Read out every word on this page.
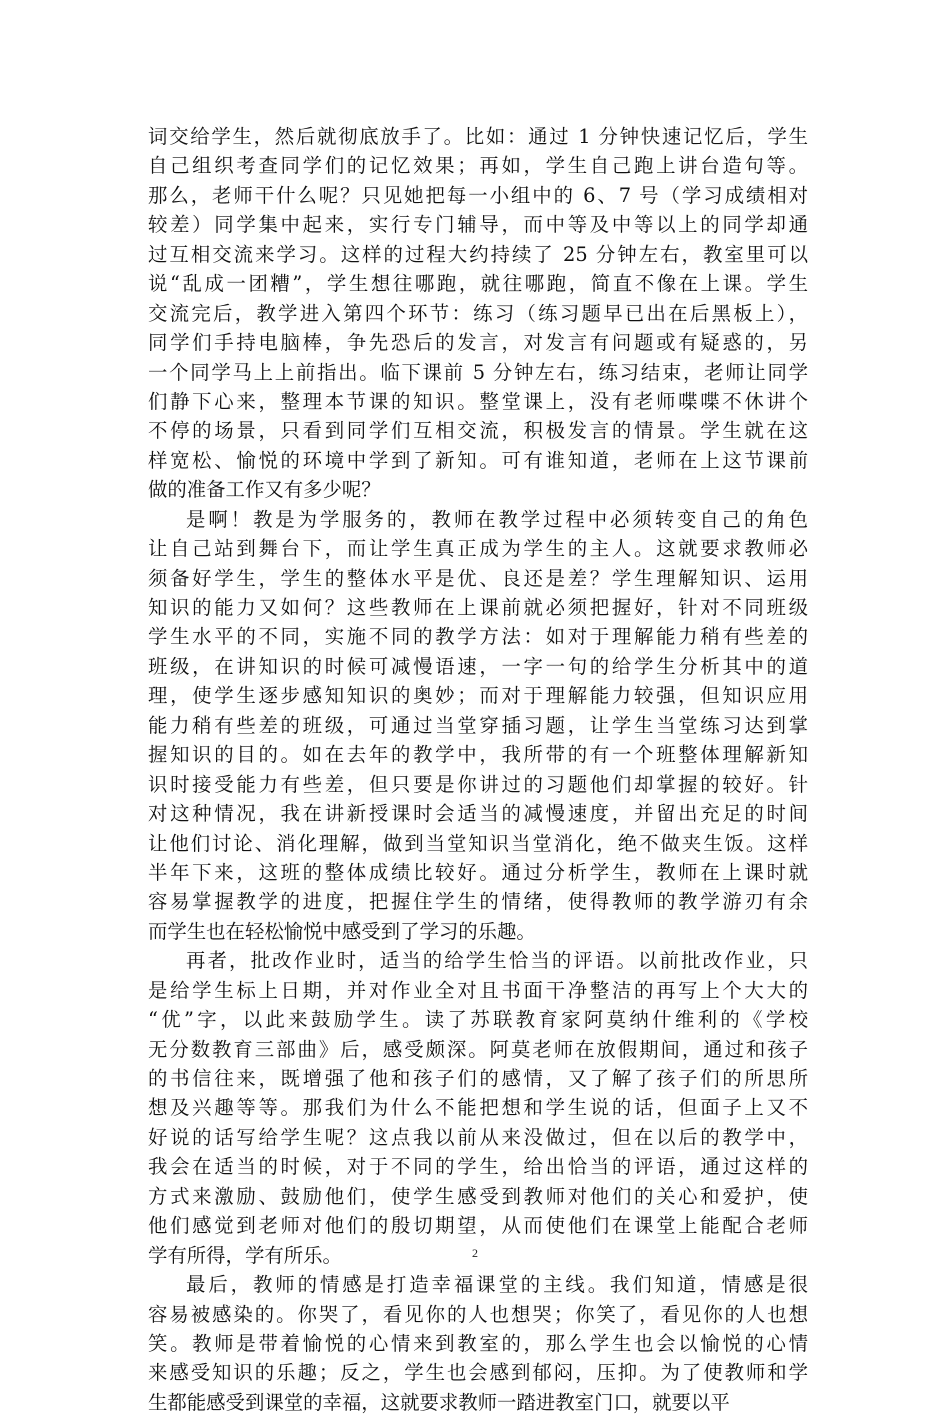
词交给学生，然后就彻底放手了。比如：通过 1 分钟快速记忆后，学生
自己组织考查同学们的记忆效果；再如，学生自己跑上讲台造句等。
那么，老师干什么呢？只见她把每一小组中的 6、7 号（学习成绩相对
较差）同学集中起来，实行专门辅导，而中等及中等以上的同学却通
过互相交流来学习。这样的过程大约持续了 25 分钟左右，教室里可以
说“乱成一团糟”，学生想往哪跑，就往哪跑，简直不像在上课。学生
交流完后，教学进入第四个环节：练习（练习题早已出在后黑板上），
同学们手持电脑棒，争先恐后的发言，对发言有问题或有疑惑的，另
一个同学马上上前指出。临下课前 5 分钟左右，练习结束，老师让同学
们静下心来，整理本节课的知识。整堂课上，没有老师喋喋不休讲个
不停的场景，只看到同学们互相交流，积极发言的情景。学生就在这
样宽松、愉悦的环境中学到了新知。可有谁知道，老师在上这节课前
做的准备工作又有多少呢？
是啊！教是为学服务的，教师在教学过程中必须转变自己的角色
让自己站到舞台下，而让学生真正成为学生的主人。这就要求教师必
须备好学生，学生的整体水平是优、良还是差？学生理解知识、运用
知识的能力又如何？这些教师在上课前就必须把握好，针对不同班级
学生水平的不同，实施不同的教学方法：如对于理解能力稍有些差的
班级，在讲知识的时候可减慢语速，一字一句的给学生分析其中的道
理，使学生逐步感知知识的奥妙；而对于理解能力较强，但知识应用
能力稍有些差的班级，可通过当堂穿插习题，让学生当堂练习达到掌
握知识的目的。如在去年的教学中，我所带的有一个班整体理解新知
识时接受能力有些差，但只要是你讲过的习题他们却掌握的较好。针
对这种情况，我在讲新授课时会适当的减慢速度，并留出充足的时间
让他们讨论、消化理解，做到当堂知识当堂消化，绝不做夹生饭。这样
半年下来，这班的整体成绩比较好。通过分析学生，教师在上课时就
容易掌握教学的进度，把握住学生的情绪，使得教师的教学游刃有余
而学生也在轻松愉悦中感受到了学习的乐趣。
再者，批改作业时，适当的给学生恰当的评语。以前批改作业，只
是给学生标上日期，并对作业全对且书面干净整洁的再写上个大大的
“优”字，以此来鼓励学生。读了苏联教育家阿莫纳什维利的《学校
无分数教育三部曲》后，感受颇深。阿莫老师在放假期间，通过和孩子
的书信往来，既增强了他和孩子们的感情，又了解了孩子们的所思所
想及兴趣等等。那我们为什么不能把想和学生说的话，但面子上又不
好说的话写给学生呢？这点我以前从来没做过，但在以后的教学中，
我会在适当的时候，对于不同的学生，给出恰当的评语，通过这样的
方式来激励、鼓励他们，使学生感受到教师对他们的关心和爱护，使
他们感觉到老师对他们的殷切期望，从而使他们在课堂上能配合老师
学有所得，学有所乐。
最后，教师的情感是打造幸福课堂的主线。我们知道，情感是很
容易被感染的。你哭了，看见你的人也想哭；你笑了，看见你的人也想
笑。教师是带着愉悦的心情来到教室的，那么学生也会以愉悦的心情
来感受知识的乐趣；反之，学生也会感到郁闷，压抑。为了使教师和学
生都能感受到课堂的幸福，这就要求教师一踏进教室门口，就要以平
2
